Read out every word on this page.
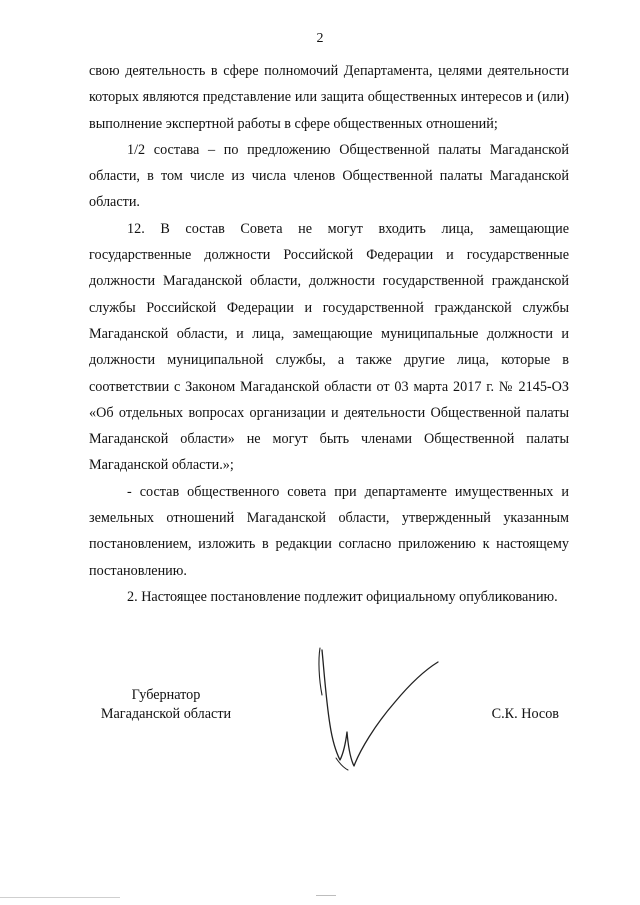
2

свою деятельность в сфере полномочий Департамента, целями деятельности которых являются представление или защита общественных интересов и (или) выполнение экспертной работы в сфере общественных отношений;

1/2 состава – по предложению Общественной палаты Магаданской области, в том числе из числа членов Общественной палаты Магаданской области.

12. В состав Совета не могут входить лица, замещающие государственные должности Российской Федерации и государственные должности Магаданской области, должности государственной гражданской службы Российской Федерации и государственной гражданской службы Магаданской области, и лица, замещающие муниципальные должности и должности муниципальной службы, а также другие лица, которые в соответствии с Законом Магаданской области от 03 марта 2017 г. № 2145-ОЗ «Об отдельных вопросах организации и деятельности Общественной палаты Магаданской области» не могут быть членами Общественной палаты Магаданской области.»;

- состав общественного совета при департаменте имущественных и земельных отношений Магаданской области, утвержденный указанным постановлением, изложить в редакции согласно приложению к настоящему постановлению.

2. Настоящее постановление подлежит официальному опубликованию.

Губернатор
Магаданской области	С.К. Носов
